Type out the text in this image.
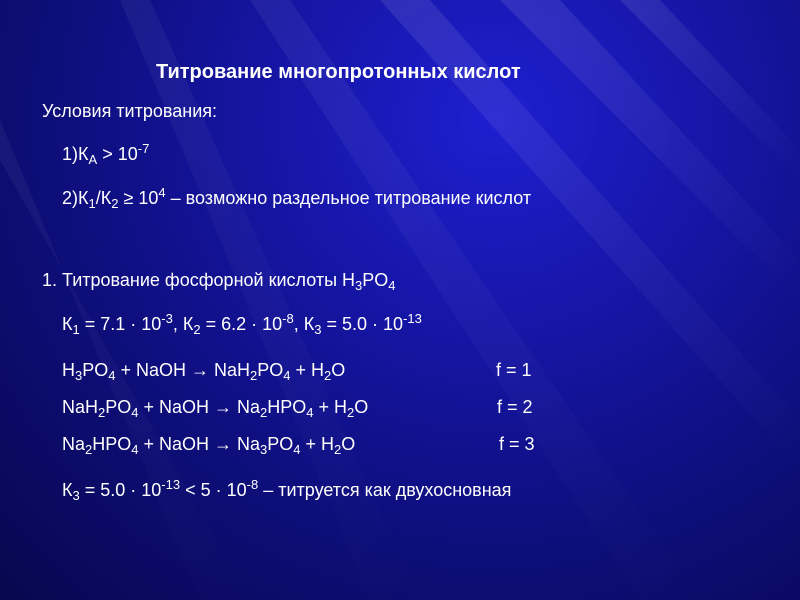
Титрование многопротонных кислот
Условия титрования:
$1)К_А > 10^{-7}$
$2)К_1/К_2 \ge 10^4$ – возможно раздельное титрование кислот
1. Титрование фосфорной кислоты $H_3PO_4$
$К_1 = 7.1 \cdot 10^{-3}$, $К_2 = 6.2 \cdot 10^{-8}$, $К_3 = 5.0 \cdot 10^{-13}$
$H_3PO_4$ + NaOH → $NaH_2PO_4 + H_2O$	f = 1
$NaH_2PO_4$ + NaOH → $Na_2HPO_4 + H_2O$	f = 2
$Na_2HPO_4$ + NaOH → $Na_3PO_4 + H_2O$	f = 3
$К_3 = 5.0 \cdot 10^{-13} < 5 \cdot 10^{-8}$ – титруется как двухосновная
